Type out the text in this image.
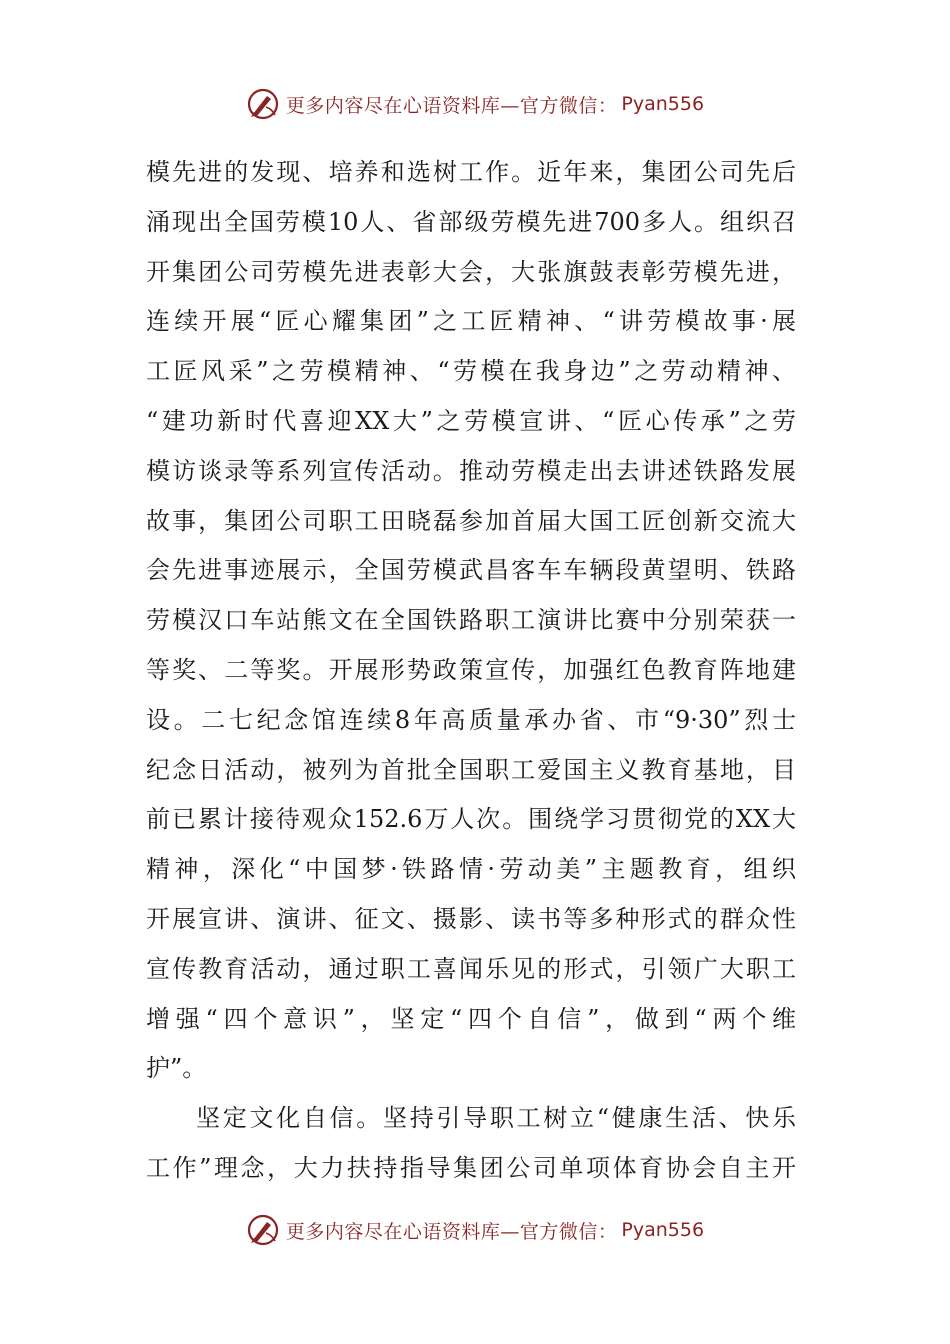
更多内容尽在心语资料库—官方微信： Pyan556
模先进的发现、培养和选树工作。近年来，集团公司先后
涌现出全国劳模10人、省部级劳模先进700多人。组织召
开集团公司劳模先进表彰大会，大张旗鼓表彰劳模先进，
连续开展“匠心耀集团”之工匠精神、“讲劳模故事·展
工匠风采”之劳模精神、“劳模在我身边”之劳动精神、
“建功新时代喜迎XX大”之劳模宣讲、“匠心传承”之劳
模访谈录等系列宣传活动。推动劳模走出去讲述铁路发展
故事，集团公司职工田晓磊参加首届大国工匠创新交流大
会先进事迹展示，全国劳模武昌客车车辆段黄望明、铁路
劳模汉口车站熊文在全国铁路职工演讲比赛中分别荣获一
等奖、二等奖。开展形势政策宣传，加强红色教育阵地建
设。二七纪念馆连续8年高质量承办省、市“9·30”烈士
纪念日活动，被列为首批全国职工爱国主义教育基地，目
前已累计接待观众152.6万人次。围绕学习贯彻党的XX大
精神，深化“中国梦·铁路情·劳动美”主题教育，组织
开展宣讲、演讲、征文、摄影、读书等多种形式的群众性
宣传教育活动，通过职工喜闻乐见的形式，引领广大职工
增强“四个意识”，坚定“四个自信”，做到“两个维
护”。
坚定文化自信。坚持引导职工树立“健康生活、快乐
工作”理念，大力扶持指导集团公司单项体育协会自主开
更多内容尽在心语资料库—官方微信： Pyan556
